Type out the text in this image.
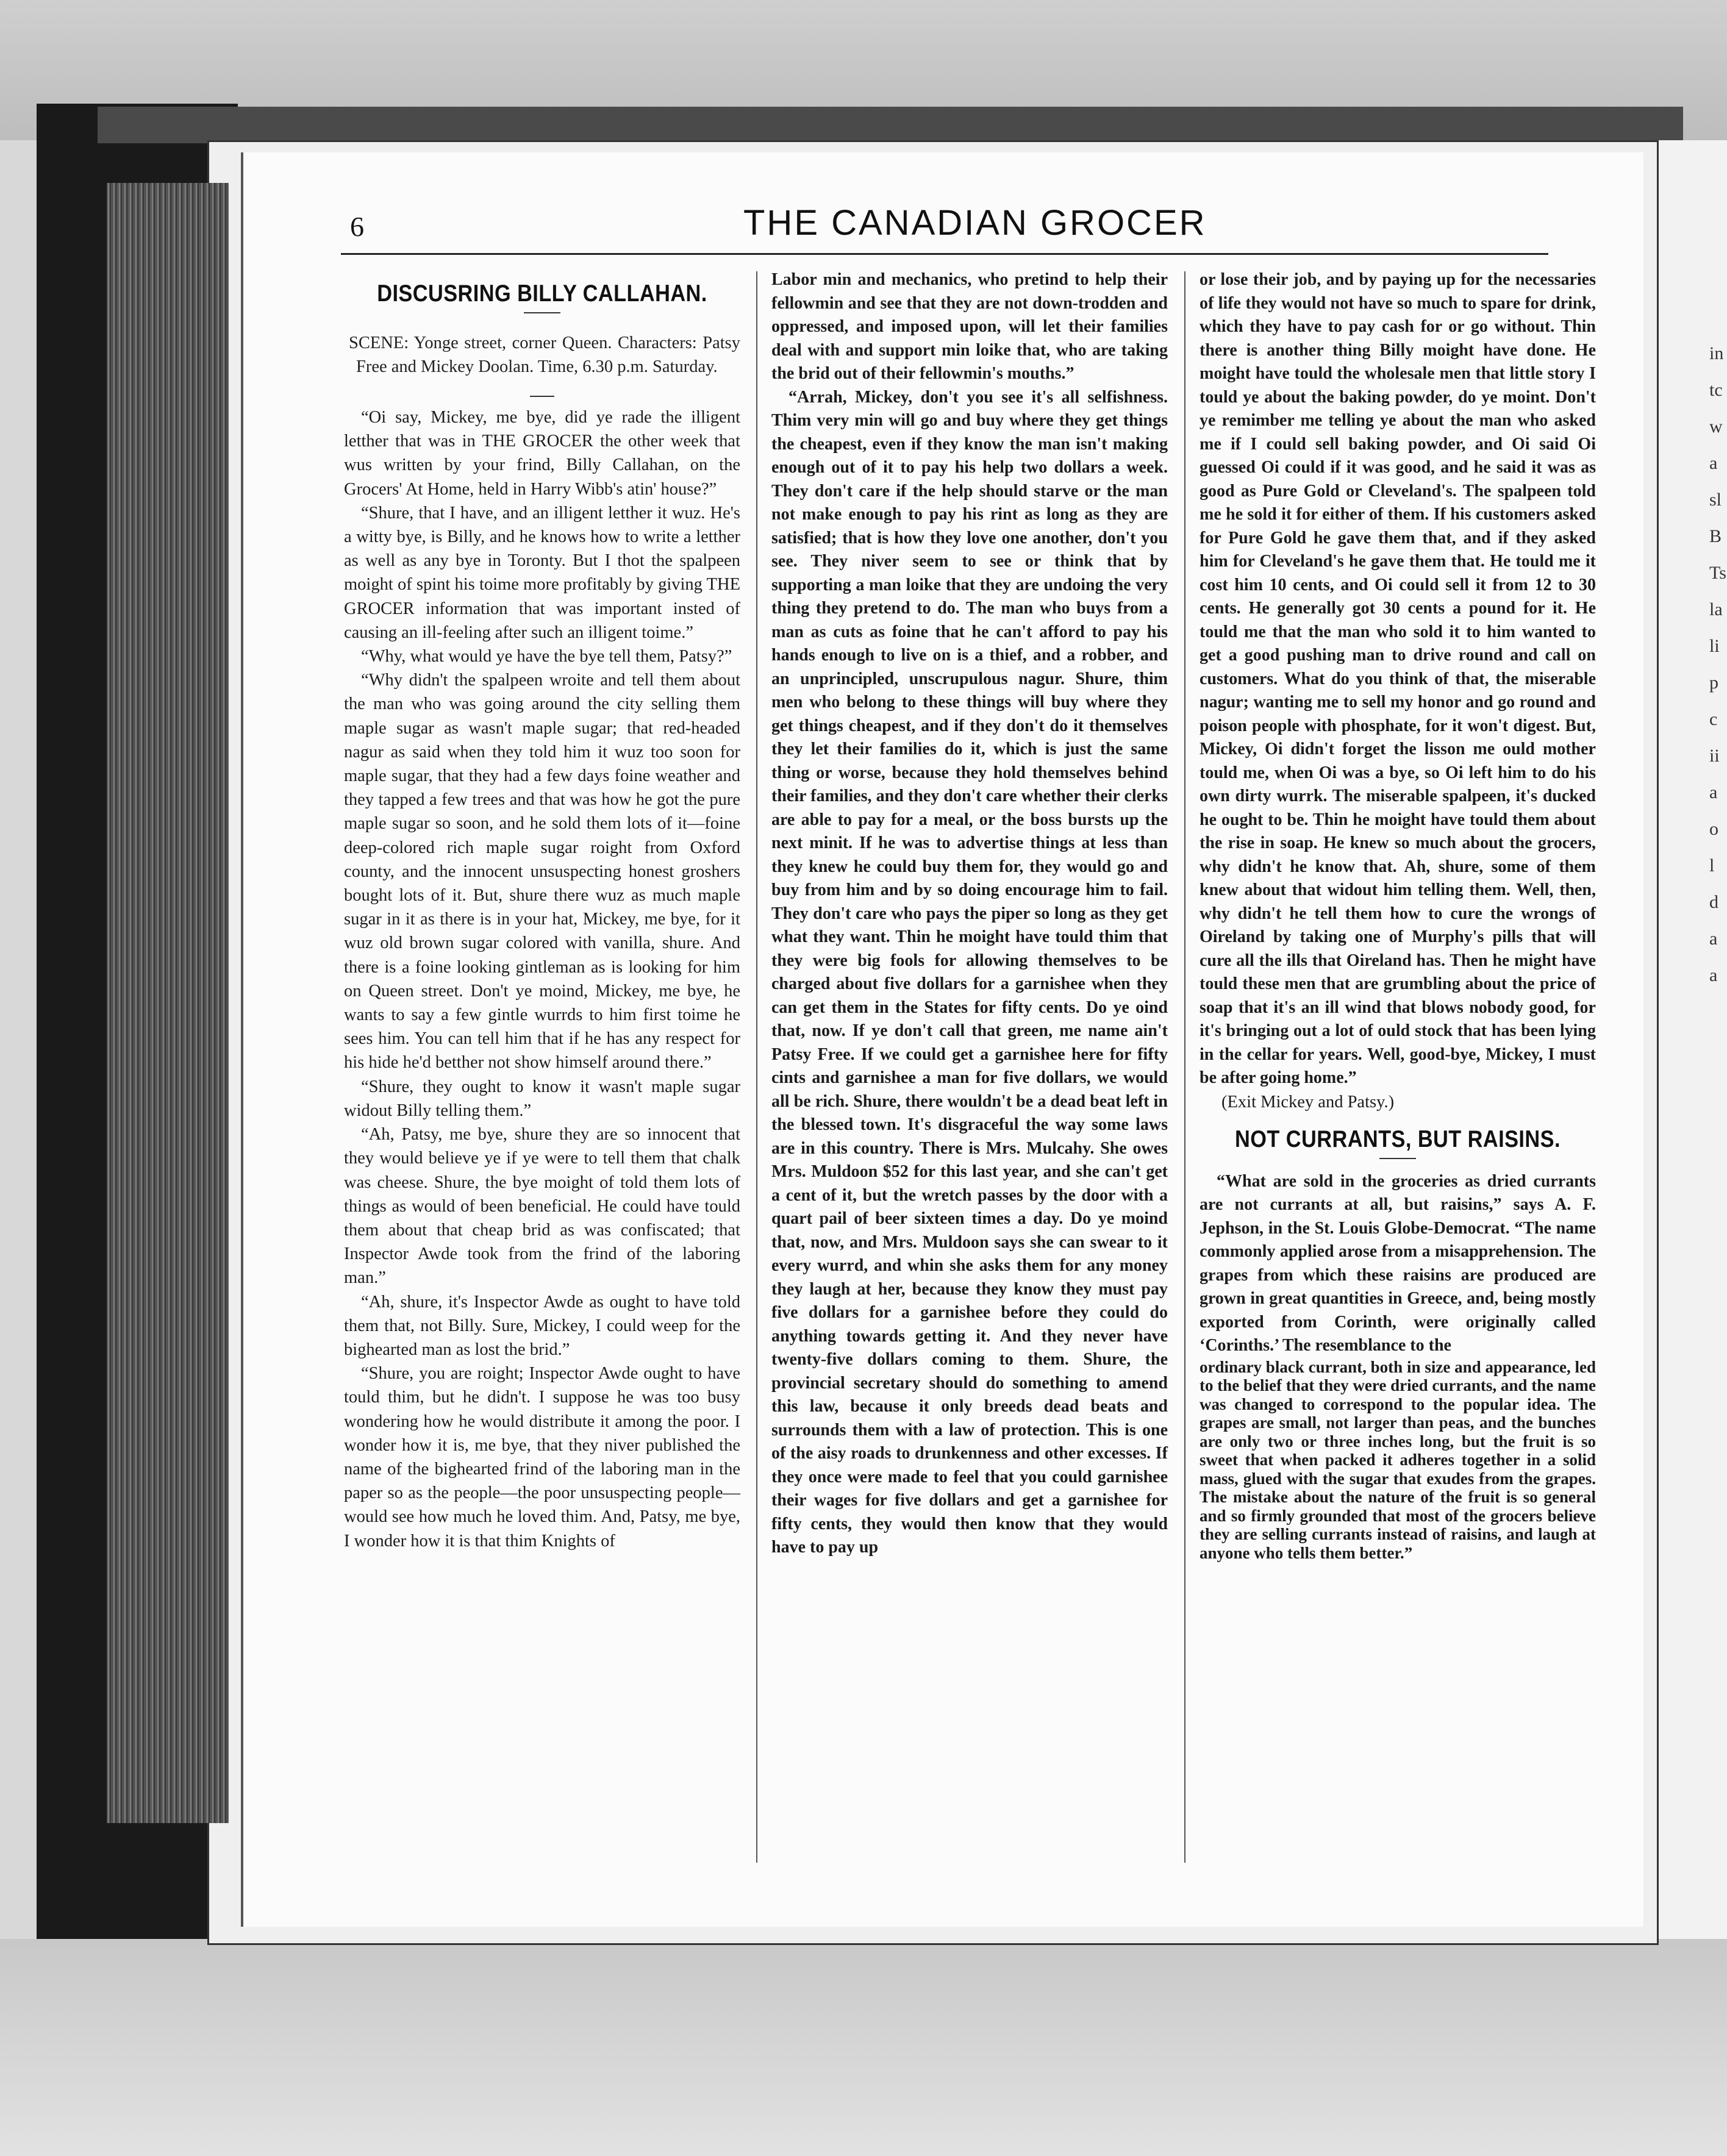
in
tc
w
a
sl
B
Ts
la
li
p
c
ii
a
o
l
d
a
a
6	THE CANADIAN GROCER
DISCUSRING BILLY CALLAHAN.

SCENE: Yonge street, corner Queen. Characters: Patsy Free and Mickey Doolan. Time, 6.30 p.m. Saturday.

“Oi say, Mickey, me bye, did ye rade the illigent letther that was in THE GROCER the other week that wus written by your frind, Billy Callahan, on the Grocers' At Home, held in Harry Wibb's atin' house?”

“Shure, that I have, and an illigent letther it wuz. He's a witty bye, is Billy, and he knows how to write a letther as well as any bye in Toronty. But I thot the spalpeen moight of spint his toime more profitably by giving THE GROCER information that was important insted of causing an ill-feeling after such an illigent toime.”

“Why, what would ye have the bye tell them, Patsy?”

“Why didn't the spalpeen wroite and tell them about the man who was going around the city selling them maple sugar as wasn't maple sugar; that red-headed nagur as said when they told him it wuz too soon for maple sugar, that they had a few days foine weather and they tapped a few trees and that was how he got the pure maple sugar so soon, and he sold them lots of it—foine deep-colored rich maple sugar roight from Oxford county, and the innocent unsuspecting honest groshers bought lots of it. But, shure there wuz as much maple sugar in it as there is in your hat, Mickey, me bye, for it wuz old brown sugar colored with vanilla, shure. And there is a foine looking gintleman as is looking for him on Queen street. Don't ye moind, Mickey, me bye, he wants to say a few gintle wurrds to him first toime he sees him. You can tell him that if he has any respect for his hide he'd betther not show himself around there.”

“Shure, they ought to know it wasn't maple sugar widout Billy telling them.”

“Ah, Patsy, me bye, shure they are so innocent that they would believe ye if ye were to tell them that chalk was cheese. Shure, the bye moight of told them lots of things as would of been beneficial. He could have tould them about that cheap brid as was confiscated; that Inspector Awde took from the frind of the laboring man.”

“Ah, shure, it's Inspector Awde as ought to have told them that, not Billy. Sure, Mickey, I could weep for the bighearted man as lost the brid.”

“Shure, you are roight; Inspector Awde ought to have tould thim, but he didn't. I suppose he was too busy wondering how he would distribute it among the poor. I wonder how it is, me bye, that they niver published the name of the bighearted frind of the laboring man in the paper so as the people—the poor unsuspecting people—would see how much he loved thim. And, Patsy, me bye, I wonder how it is that thim Knights of

Labor min and mechanics, who pretind to help their fellowmin and see that they are not down-trodden and oppressed, and imposed upon, will let their families deal with and support min loike that, who are taking the brid out of their fellowmin's mouths.”

“Arrah, Mickey, don't you see it's all selfishness. Thim very min will go and buy where they get things the cheapest, even if they know the man isn't making enough out of it to pay his help two dollars a week. They don't care if the help should starve or the man not make enough to pay his rint as long as they are satisfied; that is how they love one another, don't you see. They niver seem to see or think that by supporting a man loike that they are undoing the very thing they pretend to do. The man who buys from a man as cuts as foine that he can't afford to pay his hands enough to live on is a thief, and a robber, and an unprincipled, unscrupulous nagur. Shure, thim men who belong to these things will buy where they get things cheapest, and if they don't do it themselves they let their families do it, which is just the same thing or worse, because they hold themselves behind their families, and they don't care whether their clerks are able to pay for a meal, or the boss bursts up the next minit. If he was to advertise things at less than they knew he could buy them for, they would go and buy from him and by so doing encourage him to fail. They don't care who pays the piper so long as they get what they want. Thin he moight have tould thim that they were big fools for allowing themselves to be charged about five dollars for a garnishee when they can get them in the States for fifty cents. Do ye oind that, now. If ye don't call that green, me name ain't Patsy Free. If we could get a garnishee here for fifty cints and garnishee a man for five dollars, we would all be rich. Shure, there wouldn't be a dead beat left in the blessed town. It's disgraceful the way some laws are in this country. There is Mrs. Mulcahy. She owes Mrs. Muldoon $52 for this last year, and she can't get a cent of it, but the wretch passes by the door with a quart pail of beer sixteen times a day. Do ye moind that, now, and Mrs. Muldoon says she can swear to it every wurrd, and whin she asks them for any money they laugh at her, because they know they must pay five dollars for a garnishee before they could do anything towards getting it. And they never have twenty-five dollars coming to them. Shure, the provincial secretary should do something to amend this law, because it only breeds dead beats and surrounds them with a law of protection. This is one of the aisy roads to drunkenness and other excesses. If they once were made to feel that you could garnishee their wages for five dollars and get a garnishee for fifty cents, they would then know that they would have to pay up

or lose their job, and by paying up for the necessaries of life they would not have so much to spare for drink, which they have to pay cash for or go without. Thin there is another thing Billy moight have done. He moight have tould the wholesale men that little story I tould ye about the baking powder, do ye moint. Don't ye remimber me telling ye about the man who asked me if I could sell baking powder, and Oi said Oi guessed Oi could if it was good, and he said it was as good as Pure Gold or Cleveland's. The spalpeen told me he sold it for either of them. If his customers asked for Pure Gold he gave them that, and if they asked him for Cleveland's he gave them that. He tould me it cost him 10 cents, and Oi could sell it from 12 to 30 cents. He generally got 30 cents a pound for it. He tould me that the man who sold it to him wanted to get a good pushing man to drive round and call on customers. What do you think of that, the miserable nagur; wanting me to sell my honor and go round and poison people with phosphate, for it won't digest. But, Mickey, Oi didn't forget the lisson me ould mother tould me, when Oi was a bye, so Oi left him to do his own dirty wurrk. The miserable spalpeen, it's ducked he ought to be. Thin he moight have tould them about the rise in soap. He knew so much about the grocers, why didn't he know that. Ah, shure, some of them knew about that widout him telling them. Well, then, why didn't he tell them how to cure the wrongs of Oireland by taking one of Murphy's pills that will cure all the ills that Oireland has. Then he might have tould these men that are grumbling about the price of soap that it's an ill wind that blows nobody good, for it's bringing out a lot of ould stock that has been lying in the cellar for years. Well, good-bye, Mickey, I must be after going home.”

(Exit Mickey and Patsy.)

NOT CURRANTS, BUT RAISINS.

“What are sold in the groceries as dried currants are not currants at all, but raisins,” says A. F. Jephson, in the St. Louis Globe-Democrat. “The name commonly applied arose from a misapprehension. The grapes from which these raisins are produced are grown in great quantities in Greece, and, being mostly exported from Corinth, were originally called ‘Corinths.’ The resemblance to the

ordinary black currant, both in size and appearance, led to the belief that they were dried currants, and the name was changed to correspond to the popular idea. The grapes are small, not larger than peas, and the bunches are only two or three inches long, but the fruit is so sweet that when packed it adheres together in a solid mass, glued with the sugar that exudes from the grapes. The mistake about the nature of the fruit is so general and so firmly grounded that most of the grocers believe they are selling currants instead of raisins, and laugh at anyone who tells them better.”
